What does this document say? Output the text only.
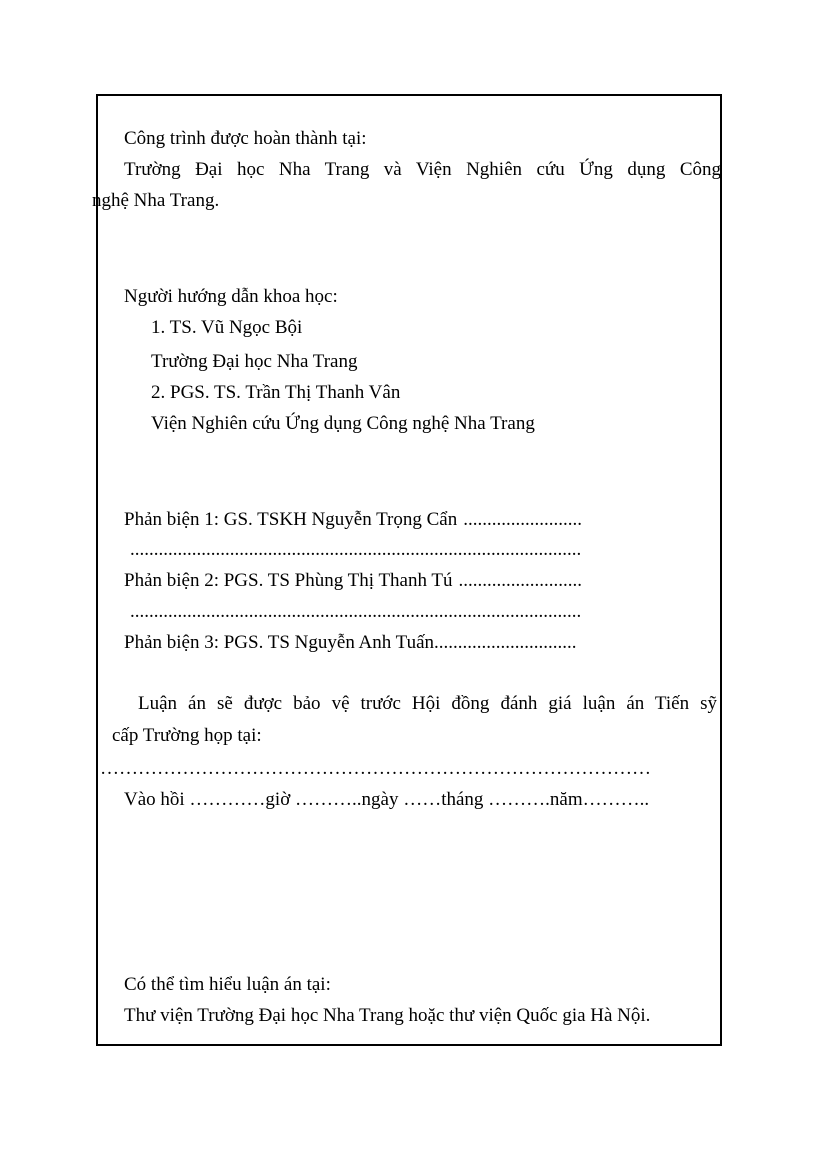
Công trình được hoàn thành tại:
Trường Đại học Nha Trang và Viện Nghiên cứu Ứng dụng Công
nghệ Nha Trang.
Người hướng dẫn khoa học:
1. TS. Vũ Ngọc Bội
Trường Đại học Nha Trang
2. PGS. TS. Trần Thị Thanh Vân
Viện Nghiên cứu Ứng dụng Công nghệ Nha Trang
Phản biện 1: GS. TSKH Nguyễn Trọng Cẩn .........................
...............................................................................................
Phản biện 2: PGS. TS Phùng Thị Thanh Tú ..........................
...............................................................................................
Phản biện 3: PGS. TS Nguyễn Anh Tuấn..............................
Luận án sẽ được bảo vệ trước Hội đồng đánh giá luận án Tiến sỹ
cấp Trường họp tại:
……………………………………………………………………………
Vào hồi …………giờ ………..ngày ……tháng ……….năm………..
Có thể tìm hiểu luận án tại:
Thư viện Trường Đại học Nha Trang hoặc thư viện Quốc gia Hà Nội.
